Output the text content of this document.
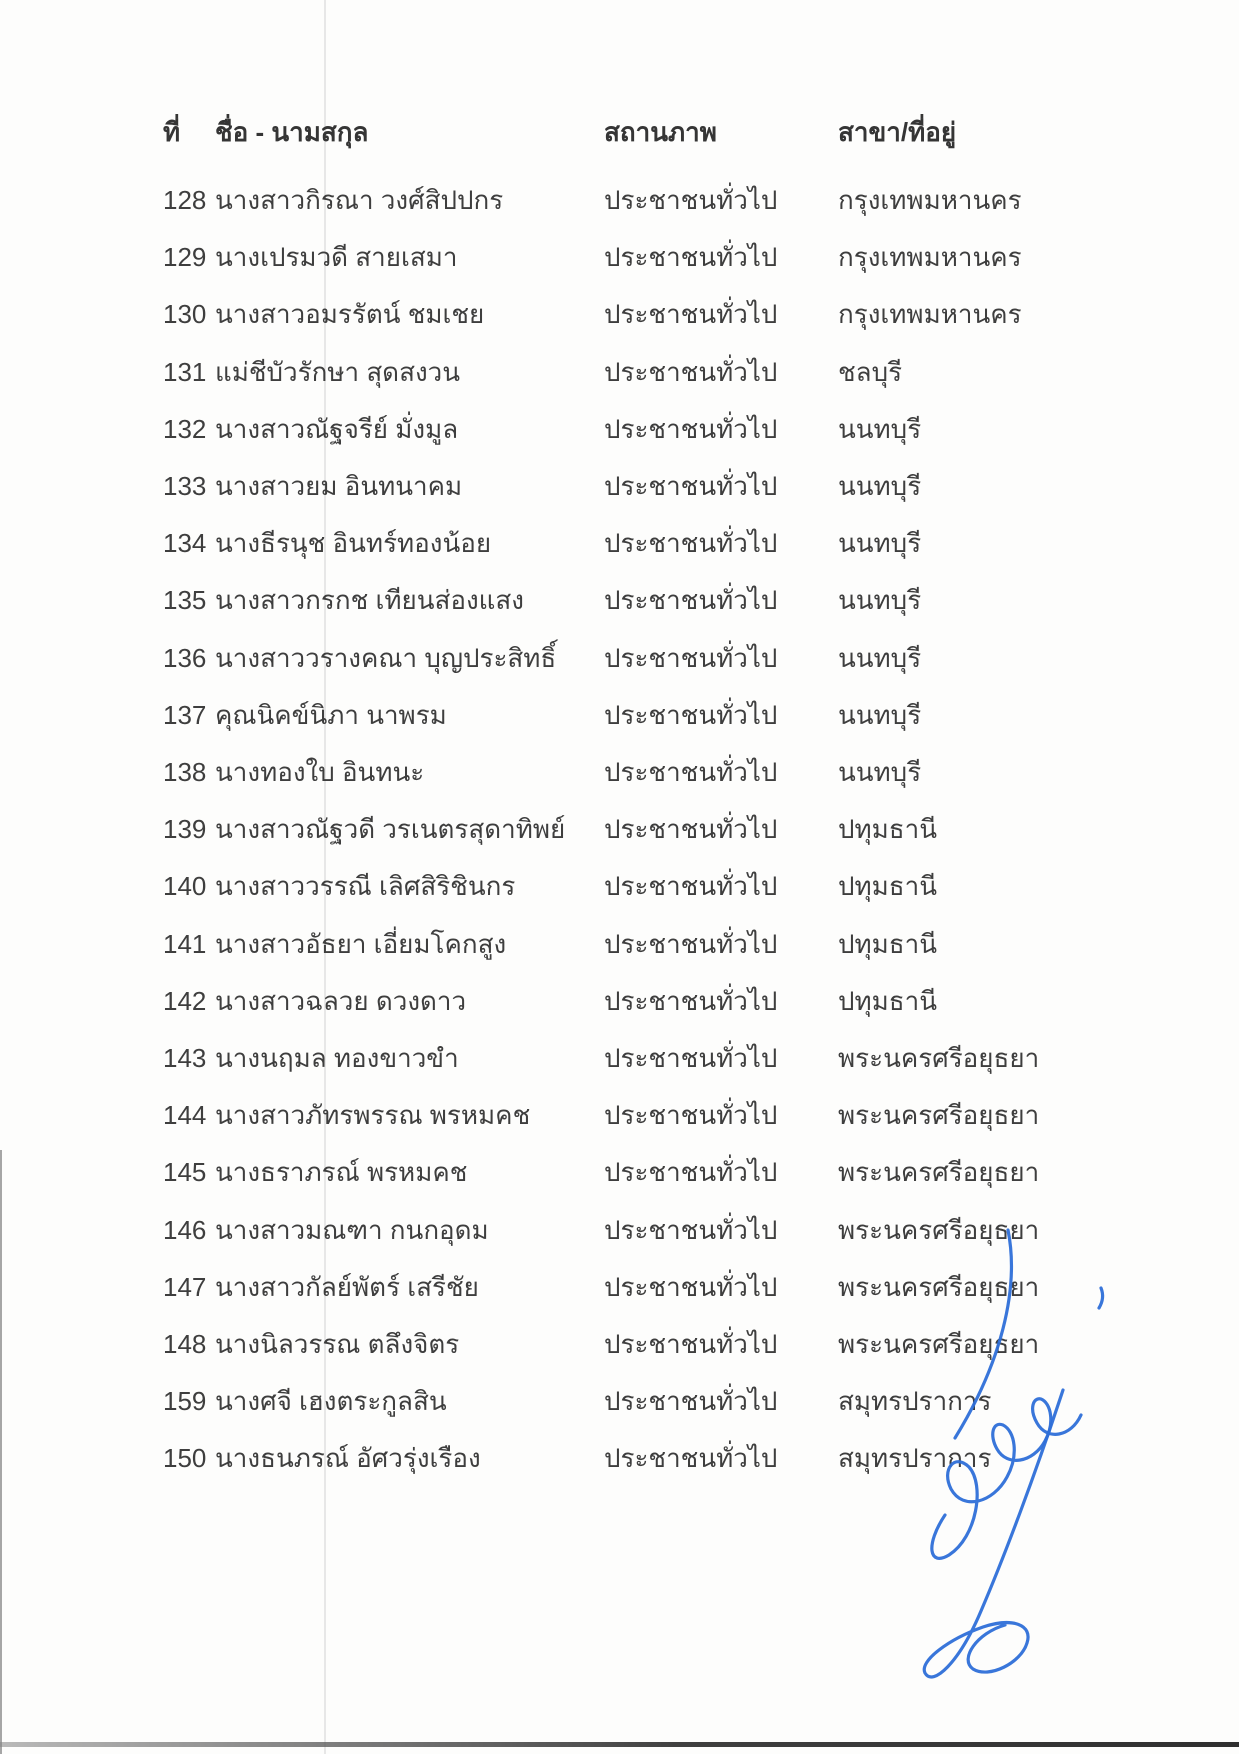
ที่ ชื่อ - นามสกุล	สถานภาพ	สาขา/ที่อยู่
128 นางสาวกิรณา วงศ์สิปปกร	ประชาชนทั่วไป กรุงเทพมหานคร
129 นางเปรมวดี สายเสมา	ประชาชนทั่วไป กรุงเทพมหานคร
130 นางสาวอมรรัตน์ ชมเชย	ประชาชนทั่วไป กรุงเทพมหานคร
131 แม่ชีบัวรักษา สุดสงวน	ประชาชนทั่วไป ชลบุรี
132 นางสาวณัฐจรีย์ มั่งมูล	ประชาชนทั่วไป นนทบุรี
133 นางสาวยม อินทนาคม	ประชาชนทั่วไป นนทบุรี
134 นางธีรนุช อินทร์ทองน้อย	ประชาชนทั่วไป นนทบุรี
135 นางสาวกรกช เทียนส่องแสง	ประชาชนทั่วไป นนทบุรี
136 นางสาววรางคณา บุญประสิทธิ์ ประชาชนทั่วไป นนทบุรี
137 คุณนิคข์นิภา นาพรม	ประชาชนทั่วไป นนทบุรี
138 นางทองใบ อินทนะ	ประชาชนทั่วไป นนทบุรี
139 นางสาวณัฐวดี วรเนตรสุดาทิพย์ ประชาชนทั่วไป ปทุมธานี
140 นางสาววรรณี เลิศสิริชินกร	ประชาชนทั่วไป ปทุมธานี
141 นางสาวอัธยา เอี่ยมโคกสูง	ประชาชนทั่วไป ปทุมธานี
142 นางสาวฉลวย ดวงดาว	ประชาชนทั่วไป ปทุมธานี
143 นางนฤมล ทองขาวขำ	ประชาชนทั่วไป พระนครศรีอยุธยา
144 นางสาวภัทรพรรณ พรหมคช	ประชาชนทั่วไป พระนครศรีอยุธยา
145 นางธราภรณ์ พรหมคช	ประชาชนทั่วไป พระนครศรีอยุธยา
146 นางสาวมณฑา กนกอุดม	ประชาชนทั่วไป พระนครศรีอยุธยา
147 นางสาวกัลย์พัตร์ เสรีชัย	ประชาชนทั่วไป พระนครศรีอยุธยา
148 นางนิลวรรณ ตลึงจิตร	ประชาชนทั่วไป พระนครศรีอยุธยา
159 นางศจี เฮงตระกูลสิน	ประชาชนทั่วไป สมุทรปราการ
150 นางธนภรณ์ อัศวรุ่งเรือง	ประชาชนทั่วไป สมุทรปราการ
